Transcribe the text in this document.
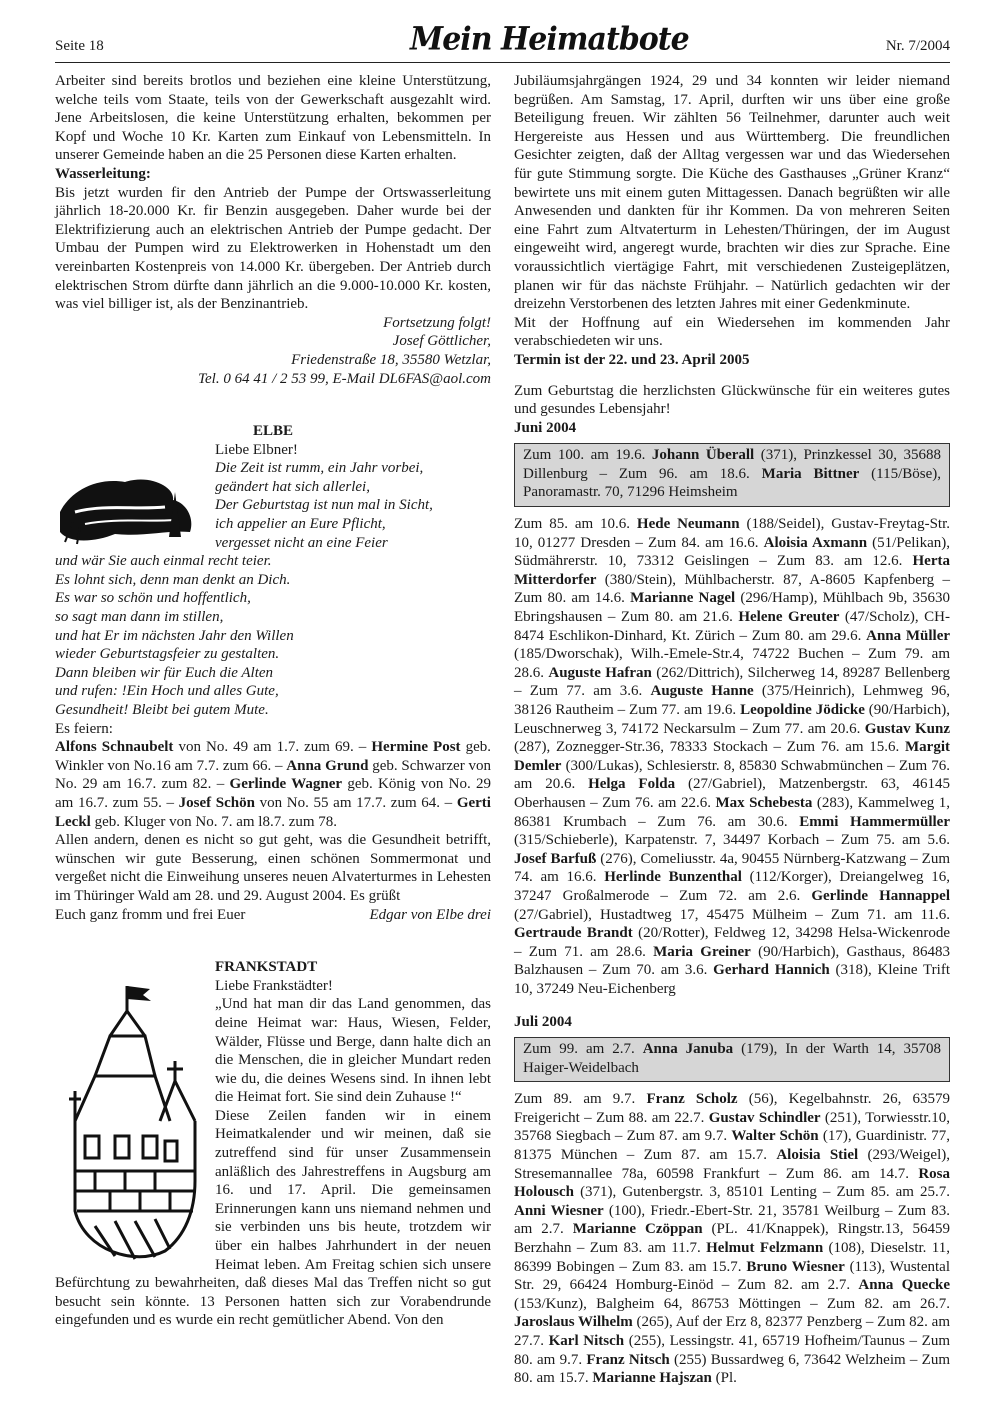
Seite 18	Mein Heimatbote	Nr. 7/2004

Arbeiter sind bereits brotlos und beziehen eine kleine Unterstützung, welche teils vom Staate, teils von der Gewerkschaft ausgezahlt wird. Jene Arbeitslosen, die keine Unterstützung erhalten, bekommen per Kopf und Woche 10 Kr. Karten zum Einkauf von Lebensmitteln. In unserer Gemeinde haben an die 25 Personen diese Karten erhalten.

Wasserleitung:

Bis jetzt wurden fir den Antrieb der Pumpe der Ortswasserleitung jährlich 18-20.000 Kr. fir Benzin ausgegeben. Daher wurde bei der Elektrifizierung auch an elektrischen Antrieb der Pumpe gedacht. Der Umbau der Pumpen wird zu Elektrowerken in Hohenstadt um den vereinbarten Kostenpreis von 14.000 Kr. übergeben. Der Antrieb durch elektrischen Strom dürfte dann jährlich an die 9.000-10.000 Kr. kosten, was viel billiger ist, als der Benzinantrieb.

Fortsetzung folgt!
Josef Göttlicher,
Friedenstraße 18, 35580 Wetzlar,
Tel. 0 64 41 / 2 53 99, E-Mail DL6FAS@aol.com
ELBE
Liebe Elbner!
Die Zeit ist rumm, ein Jahr vorbei,
geändert hat sich allerlei,
Der Geburtstag ist nun mal in Sicht,
ich appelier an Eure Pflicht,
vergesset nicht an eine Feier
und wär Sie auch einmal recht teier.
Es lohnt sich, denn man denkt an Dich.
Es war so schön und hoffentlich,
so sagt man dann im stillen,
und hat Er im nächsten Jahr den Willen
wieder Geburtstagsfeier zu gestalten.
Dann bleiben wir für Euch die Alten
und rufen: !Ein Hoch und alles Gute,
Gesundheit! Bleibt bei gutem Mute.

Es feiern:

Alfons Schnaubelt von No. 49 am 1.7. zum 69. – Hermine Post geb. Winkler von No.16 am 7.7. zum 66. – Anna Grund geb. Schwarzer von No. 29 am 16.7. zum 82. – Gerlinde Wagner geb. König von No. 29 am 16.7. zum 55. – Josef Schön von No. 55 am 17.7. zum 64. – Gerti Leckl geb. Kluger von No. 7. am l8.7. zum 78.

Allen andern, denen es nicht so gut geht, was die Gesundheit betrifft, wünschen wir gute Besserung, einen schönen Sommermonat und vergeßet nicht die Einweihung unseres neuen Alvaterturmes in Lehesten im Thüringer Wald am 28. und 29. August 2004. Es grüßt

Euch ganz fromm und frei Euer	Edgar von Elbe drei
FRANKSTADT
Liebe Frankstädter!

„Und hat man dir das Land genommen, das deine Heimat war: Haus, Wiesen, Felder, Wälder, Flüsse und Berge, dann halte dich an die Menschen, die in gleicher Mundart reden wie du, die deines Wesens sind. In ihnen lebt die Heimat fort. Sie sind dein Zuhause !“

Diese Zeilen fanden wir in einem Heimatkalender und wir meinen, daß sie zutreffend sind für unser Zusammensein anläßlich des Jahrestreffens in Augsburg am 16. und 17. April. Die gemeinsamen Erinnerungen kann uns niemand nehmen und sie verbinden uns bis heute, trotzdem wir über ein halbes Jahrhundert in der neuen Heimat leben. Am Freitag schien sich unsere Befürchtung zu bewahrheiten, daß dieses Mal das Treffen nicht so gut besucht sein könnte. 13 Personen hatten sich zur Vorabendrunde eingefunden und es wurde ein recht gemütlicher Abend. Von den

Jubiläumsjahrgängen 1924, 29 und 34 konnten wir leider niemand begrüßen. Am Samstag, 17. April, durften wir uns über eine große Beteiligung freuen. Wir zählten 56 Teilnehmer, darunter auch weit Hergereiste aus Hessen und aus Württemberg. Die freundlichen Gesichter zeigten, daß der Alltag vergessen war und das Wiedersehen für gute Stimmung sorgte. Die Küche des Gasthauses „Grüner Kranz“ bewirtete uns mit einem guten Mittagessen. Danach begrüßten wir alle Anwesenden und dankten für ihr Kommen. Da von mehreren Seiten eine Fahrt zum Altvaterturm in Lehesten/Thüringen, der im August eingeweiht wird, angeregt wurde, brachten wir dies zur Sprache. Eine voraussichtlich viertägige Fahrt, mit verschiedenen Zusteigeplätzen, planen wir für das nächste Frühjahr. – Natürlich gedachten wir der dreizehn Verstorbenen des letzten Jahres mit einer Gedenkminute.

Mit der Hoffnung auf ein Wiedersehen im kommenden Jahr verabschiedeten wir uns.

Termin ist der 22. und 23. April 2005

Zum Geburtstag die herzlichsten Glückwünsche für ein weiteres gutes und gesundes Lebensjahr!

Juni 2004

Zum 100. am 19.6. Johann Überall (371), Prinzkessel 30, 35688 Dillenburg – Zum 96. am 18.6. Maria Bittner (115/Böse), Panoramastr. 70, 71296 Heimsheim

Zum 85. am 10.6. Hede Neumann (188/Seidel), Gustav-Freytag-Str. 10, 01277 Dresden – Zum 84. am 16.6. Aloisia Axmann (51/Pelikan), Südmährerstr. 10, 73312 Geislingen – Zum 83. am 12.6. Herta Mitterdorfer (380/Stein), Mühlbacherstr. 87, A-8605 Kapfenberg – Zum 80. am 14.6. Marianne Nagel (296/Hamp), Mühlbach 9b, 35630 Ebringshausen – Zum 80. am 21.6. Helene Greuter (47/Scholz), CH-8474 Eschlikon-Dinhard, Kt. Zürich – Zum 80. am 29.6. Anna Müller (185/Dworschak), Wilh.-Emele-Str.4, 74722 Buchen – Zum 79. am 28.6. Auguste Hafran (262/Dittrich), Silcherweg 14, 89287 Bellenberg – Zum 77. am 3.6. Auguste Hanne (375/Heinrich), Lehmweg 96, 38126 Rautheim – Zum 77. am 19.6. Leopoldine Jödicke (90/Harbich), Leuschnerweg 3, 74172 Neckarsulm – Zum 77. am 20.6. Gustav Kunz (287), Zoznegger-Str.36, 78333 Stockach – Zum 76. am 15.6. Margit Demler (300/Lukas), Schlesierstr. 8, 85830 Schwabmünchen – Zum 76. am 20.6. Helga Folda (27/Gabriel), Matzenbergstr. 63, 46145 Oberhausen – Zum 76. am 22.6. Max Schebesta (283), Kammelweg 1, 86381 Krumbach – Zum 76. am 30.6. Emmi Hammermüller (315/Schieberle), Karpatenstr. 7, 34497 Korbach – Zum 75. am 5.6. Josef Barfuß (276), Comeliusstr. 4a, 90455 Nürnberg-Katzwang – Zum 74. am 16.6. Herlinde Bunzenthal (112/Korger), Dreiangelweg 16, 37247 Großalmerode – Zum 72. am 2.6. Gerlinde Hannappel (27/Gabriel), Hustadtweg 17, 45475 Mülheim – Zum 71. am 11.6. Gertraude Brandt (20/Rotter), Feldweg 12, 34298 Helsa-Wickenrode – Zum 71. am 28.6. Maria Greiner (90/Harbich), Gasthaus, 86483 Balzhausen – Zum 70. am 3.6. Gerhard Hannich (318), Kleine Trift 10, 37249 Neu-Eichenberg

Juli 2004

Zum 99. am 2.7. Anna Januba (179), In der Warth 14, 35708 Haiger-Weidelbach

Zum 89. am 9.7. Franz Scholz (56), Kegelbahnstr. 26, 63579 Freigericht – Zum 88. am 22.7. Gustav Schindler (251), Torwiesstr.10, 35768 Siegbach – Zum 87. am 9.7. Walter Schön (17), Guardinistr. 77, 81375 München – Zum 87. am 15.7. Aloisia Stiel (293/Weigel), Stresemannallee 78a, 60598 Frankfurt – Zum 86. am 14.7. Rosa Holousch (371), Gutenbergstr. 3, 85101 Lenting – Zum 85. am 25.7. Anni Wiesner (100), Friedr.-Ebert-Str. 21, 35781 Weilburg – Zum 83. am 2.7. Marianne Czöppan (PL. 41/Knappek), Ringstr.13, 56459 Berzhahn – Zum 83. am 11.7. Helmut Felzmann (108), Dieselstr. 11, 86399 Bobingen – Zum 83. am 15.7. Bruno Wiesner (113), Wustental Str. 29, 66424 Homburg-Einöd – Zum 82. am 2.7. Anna Quecke (153/Kunz), Balgheim 64, 86753 Möttingen – Zum 82. am 26.7. Jaroslaus Wilhelm (265), Auf der Erz 8, 82377 Penzberg – Zum 82. am 27.7. Karl Nitsch (255), Lessingstr. 41, 65719 Hofheim/Taunus – Zum 80. am 9.7. Franz Nitsch (255) Bussardweg 6, 73642 Welzheim – Zum 80. am 15.7. Marianne Hajszan (Pl.
